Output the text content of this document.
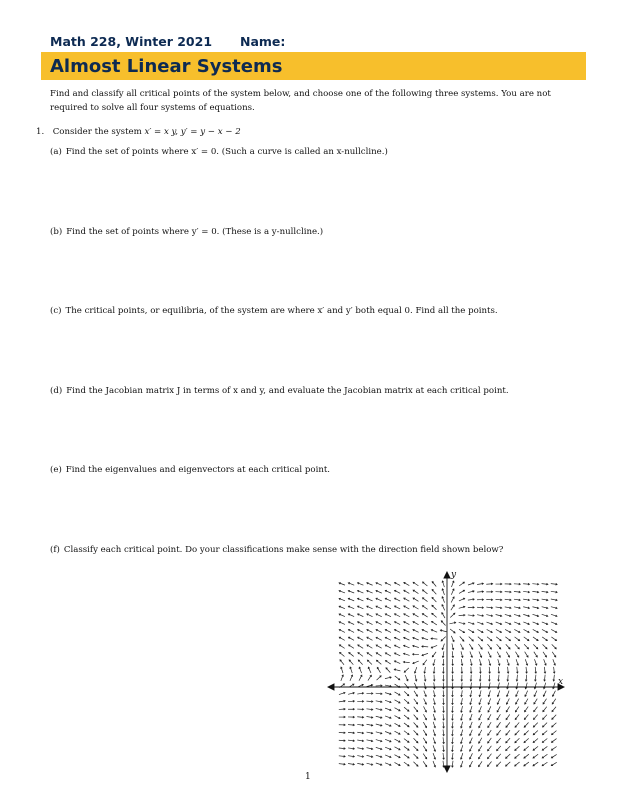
Math 228, Winter 2021	Name:
Almost Linear Systems
Find and classify all critical points of the system below, and choose one of the following three systems. You are not required to solve all four systems of equations.
1. Consider the system x′ = x y, y′ = y − x − 2
(a) Find the set of points where x′ = 0. (Such a curve is called an x-nullcline.)
(b) Find the set of points where y′ = 0. (These is a y-nullcline.)
(c) The critical points, or equilibria, of the system are where x′ and y′ both equal 0. Find all the points.
(d) Find the Jacobian matrix J in terms of x and y, and evaluate the Jacobian matrix at each critical point.
(e) Find the eigenvalues and eigenvectors at each critical point.
(f) Classify each critical point. Do your classifications make sense with the direction field shown below?
x
y
1
